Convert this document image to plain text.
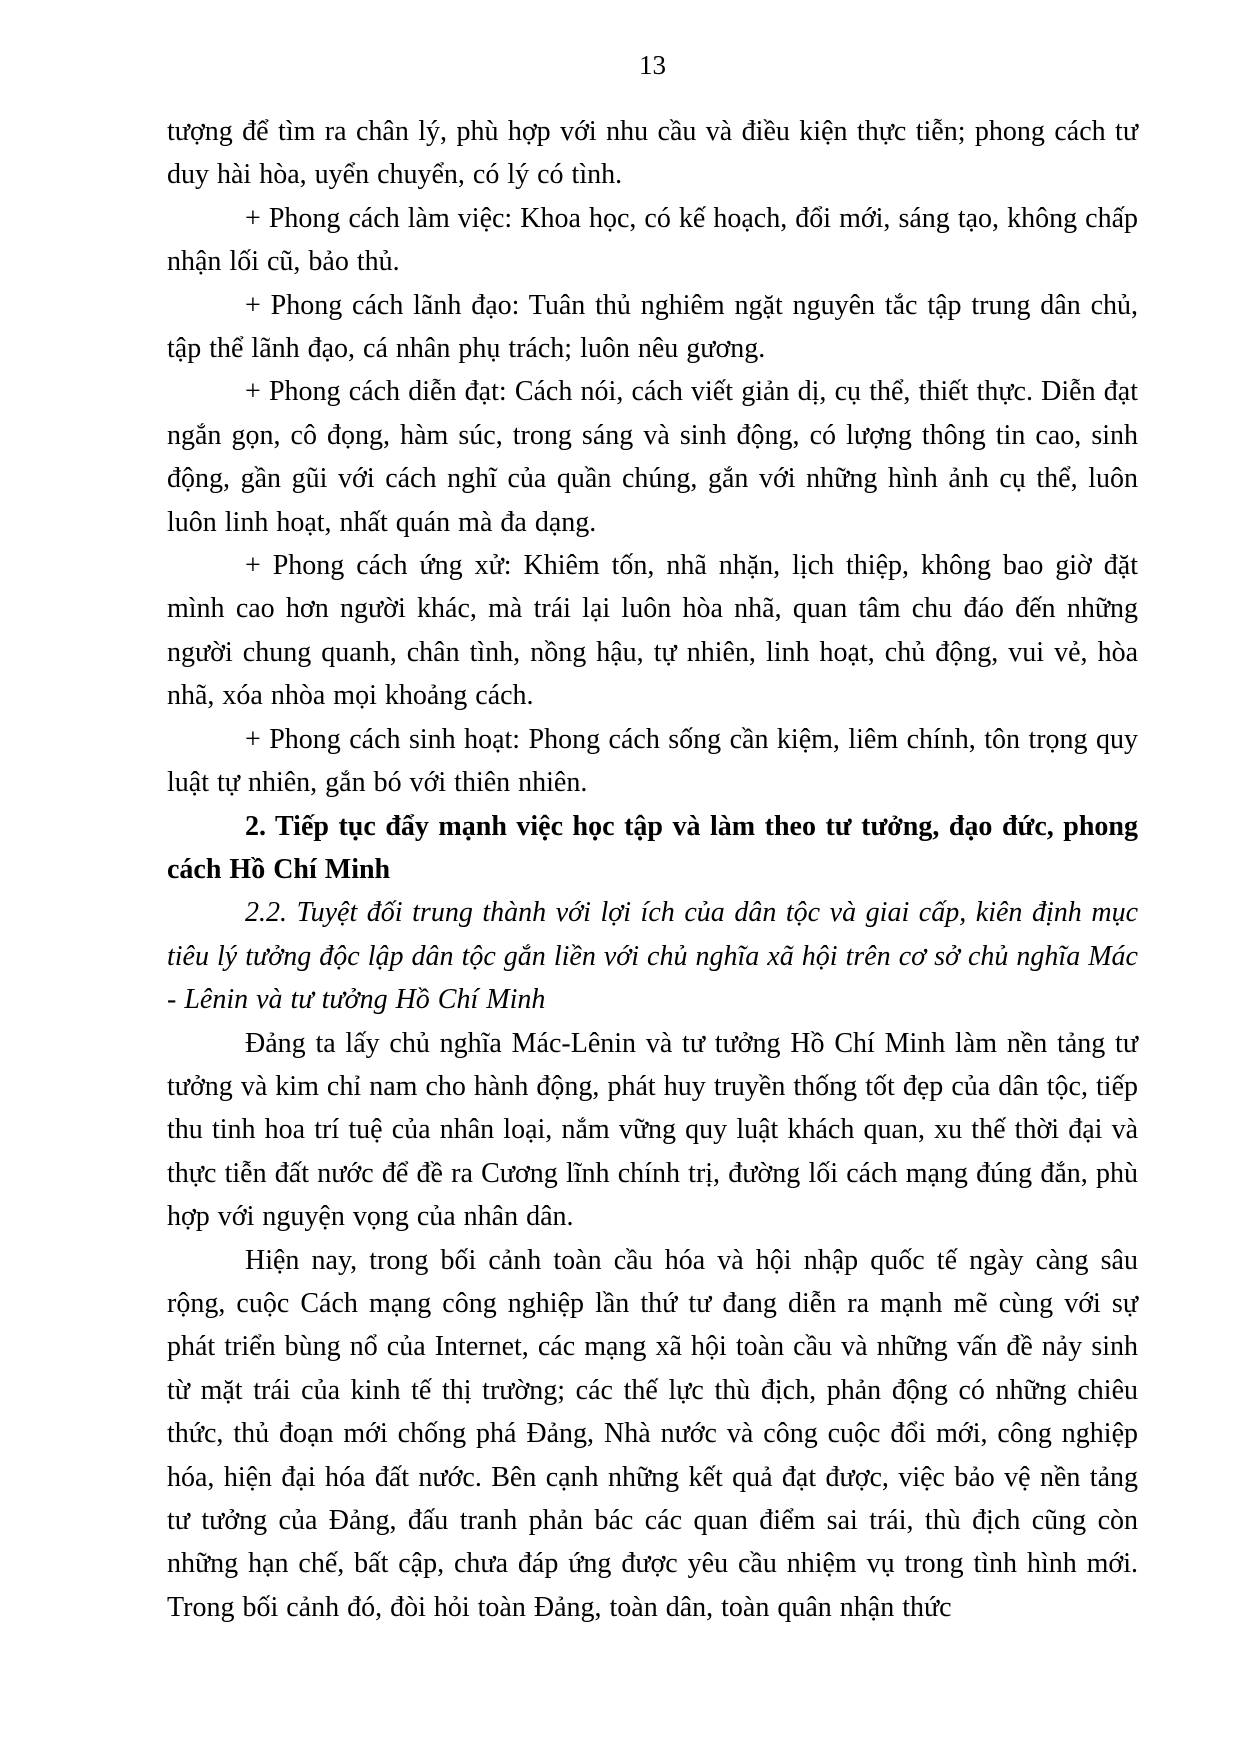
13

tượng để tìm ra chân lý, phù hợp với nhu cầu và điều kiện thực tiễn; phong cách tư duy hài hòa, uyển chuyển, có lý có tình.

+ Phong cách làm việc: Khoa học, có kế hoạch, đổi mới, sáng tạo, không chấp nhận lối cũ, bảo thủ.

+ Phong cách lãnh đạo: Tuân thủ nghiêm ngặt nguyên tắc tập trung dân chủ, tập thể lãnh đạo, cá nhân phụ trách; luôn nêu gương.

+ Phong cách diễn đạt: Cách nói, cách viết giản dị, cụ thể, thiết thực. Diễn đạt ngắn gọn, cô đọng, hàm súc, trong sáng và sinh động, có lượng thông tin cao, sinh động, gần gũi với cách nghĩ của quần chúng, gắn với những hình ảnh cụ thể, luôn luôn linh hoạt, nhất quán mà đa dạng.

+ Phong cách ứng xử: Khiêm tốn, nhã nhặn, lịch thiệp, không bao giờ đặt mình cao hơn người khác, mà trái lại luôn hòa nhã, quan tâm chu đáo đến những người chung quanh, chân tình, nồng hậu, tự nhiên, linh hoạt, chủ động, vui vẻ, hòa nhã, xóa nhòa mọi khoảng cách.

+ Phong cách sinh hoạt: Phong cách sống cần kiệm, liêm chính, tôn trọng quy luật tự nhiên, gắn bó với thiên nhiên.

2. Tiếp tục đẩy mạnh việc học tập và làm theo tư tưởng, đạo đức, phong cách Hồ Chí Minh

2.2. Tuyệt đối trung thành với lợi ích của dân tộc và giai cấp, kiên định mục tiêu lý tưởng độc lập dân tộc gắn liền với chủ nghĩa xã hội trên cơ sở chủ nghĩa Mác - Lênin và tư tưởng Hồ Chí Minh

Đảng ta lấy chủ nghĩa Mác-Lênin và tư tưởng Hồ Chí Minh làm nền tảng tư tưởng và kim chỉ nam cho hành động, phát huy truyền thống tốt đẹp của dân tộc, tiếp thu tinh hoa trí tuệ của nhân loại, nắm vững quy luật khách quan, xu thế thời đại và thực tiễn đất nước để đề ra Cương lĩnh chính trị, đường lối cách mạng đúng đắn, phù hợp với nguyện vọng của nhân dân.

Hiện nay, trong bối cảnh toàn cầu hóa và hội nhập quốc tế ngày càng sâu rộng, cuộc Cách mạng công nghiệp lần thứ tư đang diễn ra mạnh mẽ cùng với sự phát triển bùng nổ của Internet, các mạng xã hội toàn cầu và những vấn đề nảy sinh từ mặt trái của kinh tế thị trường; các thế lực thù địch, phản động có những chiêu thức, thủ đoạn mới chống phá Đảng, Nhà nước và công cuộc đổi mới, công nghiệp hóa, hiện đại hóa đất nước. Bên cạnh những kết quả đạt được, việc bảo vệ nền tảng tư tưởng của Đảng, đấu tranh phản bác các quan điểm sai trái, thù địch cũng còn những hạn chế, bất cập, chưa đáp ứng được yêu cầu nhiệm vụ trong tình hình mới. Trong bối cảnh đó, đòi hỏi toàn Đảng, toàn dân, toàn quân nhận thức
